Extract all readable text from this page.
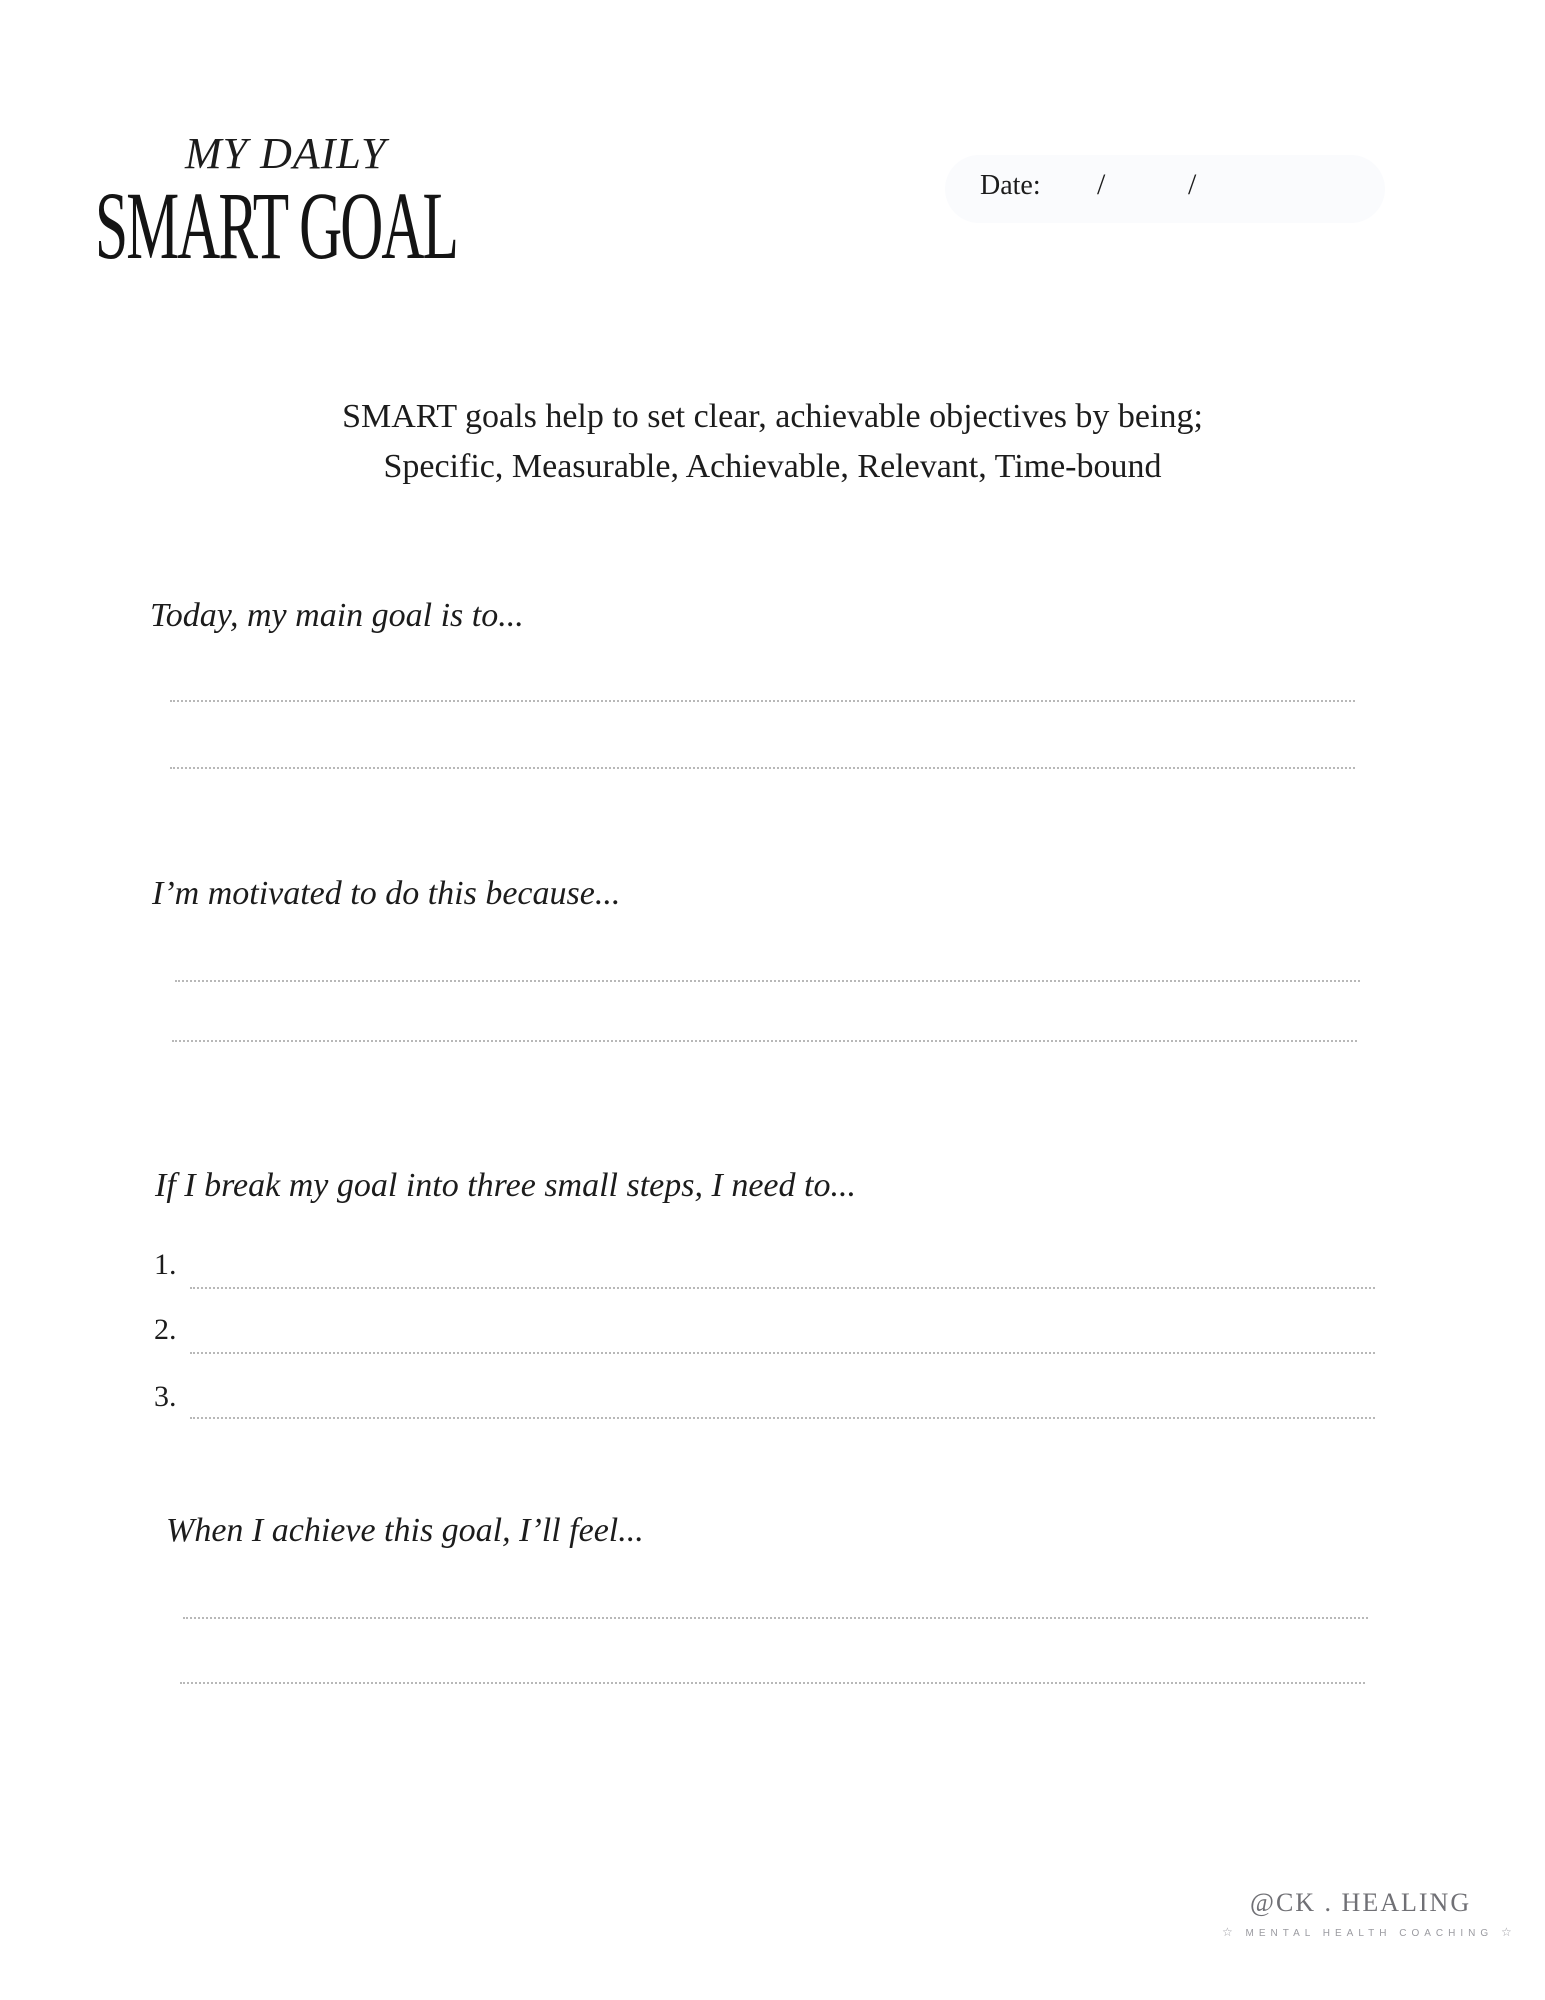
MY DAILY
SMART GOAL	Date: /	/
SMART goals help to set clear, achievable objectives by being;
Specific, Measurable, Achievable, Relevant, Time-bound
Today, my main goal is to...
I’m motivated to do this because...
If I break my goal into three small steps, I need to...
1.
2.
3.
When I achieve this goal, I’ll feel...
@CK . HEALING
☆ MENTAL HEALTH COACHING ☆
